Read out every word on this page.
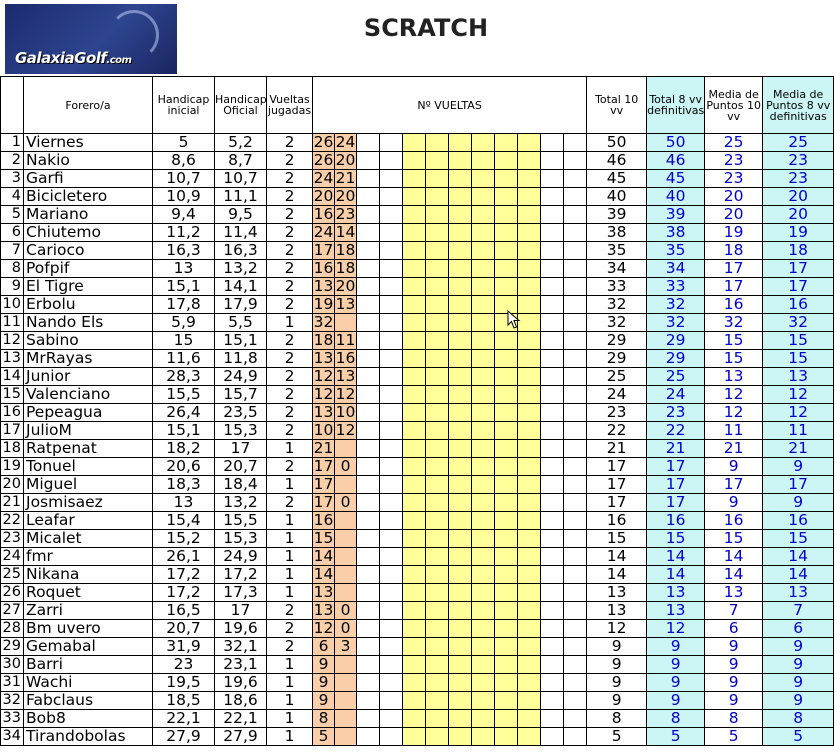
GalaxiaGolf.com
SCRATCH
	Forero/a	Handicap inicial	Handicap Oficial	Vueltas jugadas	Nº VUELTAS												Total 10 vv	Total 8 vv definitivas	Media de Puntos 10 vv	Media de Puntos 8 vv definitivas
1	Viernes	5	5,2	2	26	24											50	50	25	25
2	Nakio	8,6	8,7	2	26	20											46	46	23	23
3	Garfi	10,7	10,7	2	24	21											45	45	23	23
4	Bicicletero	10,9	11,1	2	20	20											40	40	20	20
5	Mariano	9,4	9,5	2	16	23											39	39	20	20
6	Chiutemo	11,2	11,4	2	24	14											38	38	19	19
7	Carioco	16,3	16,3	2	17	18											35	35	18	18
8	Pofpif	13	13,2	2	16	18											34	34	17	17
9	El Tigre	15,1	14,1	2	13	20											33	33	17	17
10	Erbolu	17,8	17,9	2	19	13											32	32	16	16
11	Nando Els	5,9	5,5	1	32												32	32	32	32
12	Sabino	15	15,1	2	18	11											29	29	15	15
13	MrRayas	11,6	11,8	2	13	16											29	29	15	15
14	Junior	28,3	24,9	2	12	13											25	25	13	13
15	Valenciano	15,5	15,7	2	12	12											24	24	12	12
16	Pepeagua	26,4	23,5	2	13	10											23	23	12	12
17	JulioM	15,1	15,3	2	10	12											22	22	11	11
18	Ratpenat	18,2	17	1	21												21	21	21	21
19	Tonuel	20,6	20,7	2	17	0											17	17	9	9
20	Miguel	18,3	18,4	1	17												17	17	17	17
21	Josmisaez	13	13,2	2	17	0											17	17	9	9
22	Leafar	15,4	15,5	1	16												16	16	16	16
23	Micalet	15,2	15,3	1	15												15	15	15	15
24	fmr	26,1	24,9	1	14												14	14	14	14
25	Nikana	17,2	17,2	1	14												14	14	14	14
26	Roquet	17,2	17,3	1	13												13	13	13	13
27	Zarri	16,5	17	2	13	0											13	13	7	7
28	Bm uvero	20,7	19,6	2	12	0											12	12	6	6
29	Gemabal	31,9	32,1	2	6	3											9	9	9	9
30	Barri	23	23,1	1	9												9	9	9	9
31	Wachi	19,5	19,6	1	9												9	9	9	9
32	Fabclaus	18,5	18,6	1	9												9	9	9	9
33	Bob8	22,1	22,1	1	8												8	8	8	8
34	Tirandobolas	27,9	27,9	1	5												5	5	5	5
